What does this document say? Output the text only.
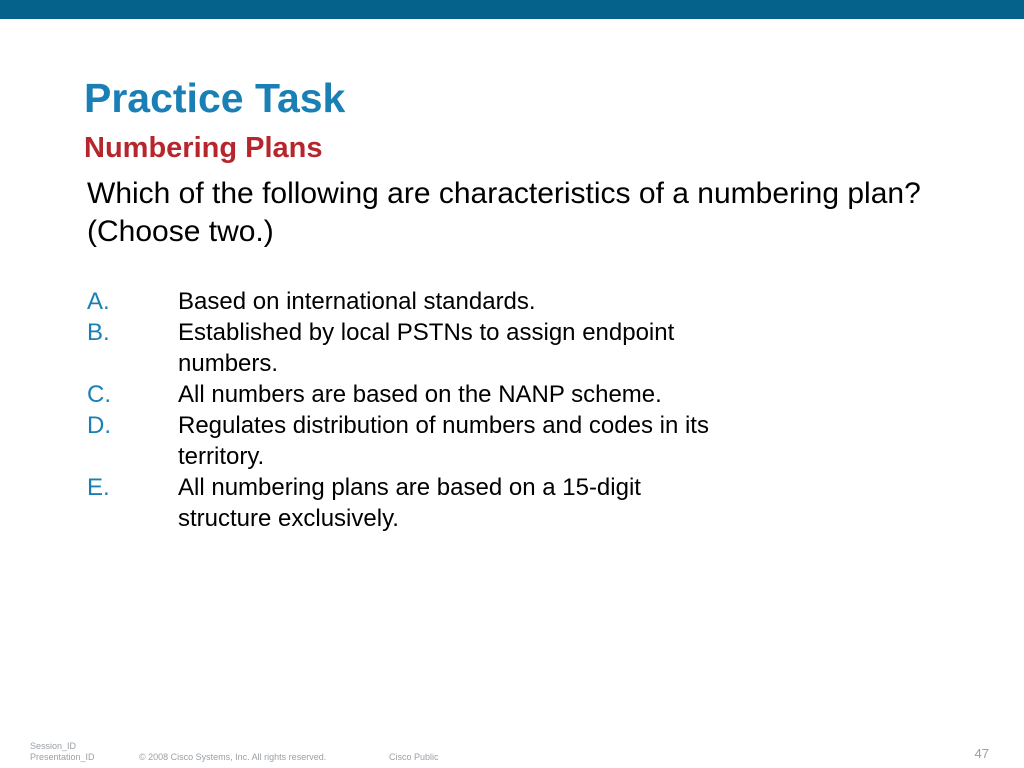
Practice Task
Numbering Plans

Which of the following are characteristics of a numbering plan? (Choose two.)

A.	Based on international standards.
B.	Established by local PSTNs to assign endpoint numbers.
C.	All numbers are based on the NANP scheme.
D.	Regulates distribution of numbers and codes in its territory.
E.	All numbering plans are based on a 15-digit structure exclusively.
Session_ID
Presentation_ID	© 2008 Cisco Systems, Inc. All rights reserved.	Cisco Public	47
